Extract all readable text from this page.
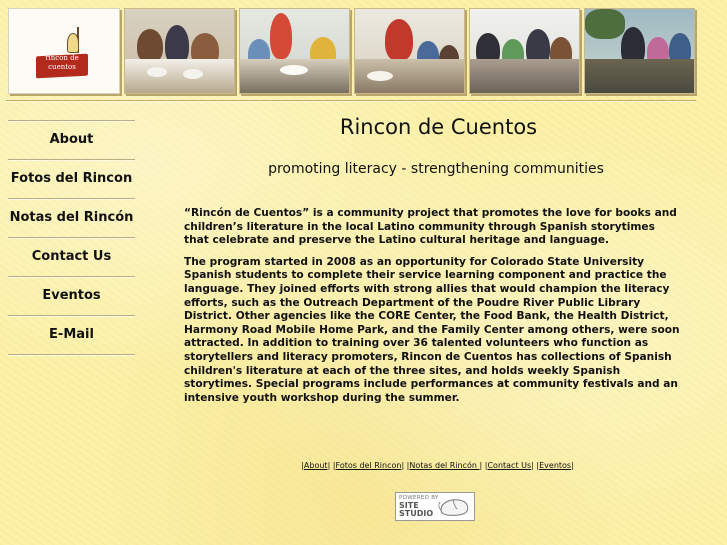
rincón de
cuentos
About
Fotos del Rincon
Notas del Rincón
Contact Us
Eventos
E-Mail
Rincon de Cuentos
promoting literacy - strengthening communities

“Rincón de Cuentos” is a community project that promotes the love for books and children’s literature in the local Latino community through Spanish storytimes that celebrate and preserve the Latino cultural heritage and language.

The program started in 2008 as an opportunity for Colorado State University Spanish students to complete their service learning component and practice the language. They joined efforts with strong allies that would champion the literacy efforts, such as the Outreach Department of the Poudre River Public Library District. Other agencies like the CORE Center, the Food Bank, the Health District, Harmony Road Mobile Home Park, and the Family Center among others, were soon attracted. In addition to training over 36 talented volunteers who function as storytellers and literacy promoters, Rincon de Cuentos has collections of Spanish children's literature at each of the three sites, and holds weekly Spanish storytimes. Special programs include performances at community festivals and an intensive youth workshop during the summer.

|About| |Fotos del Rincon| |Notas del Rincón | |Contact Us| |Eventos|
POWERED BY
SITE
STUDIO
